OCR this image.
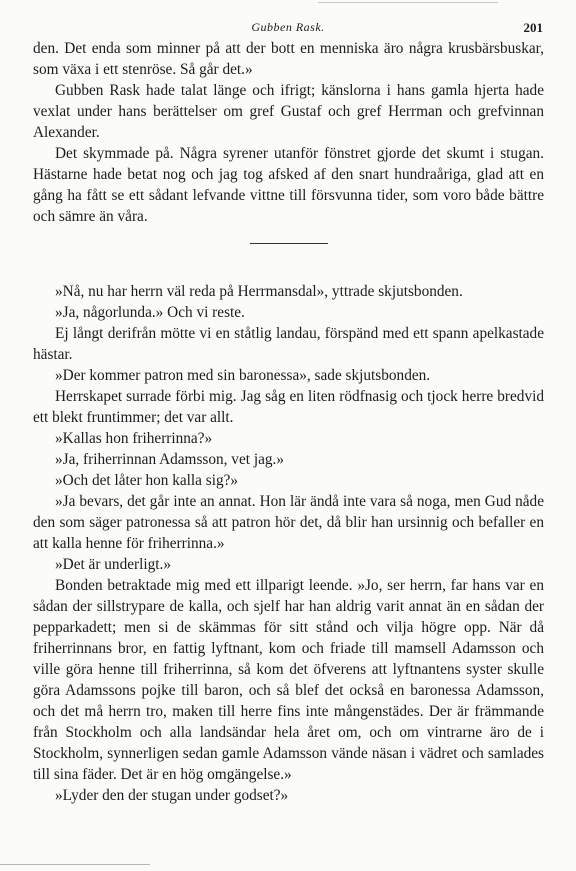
Gubben Rask.	201

den. Det enda som minner på att der bott en menniska äro några krusbärsbuskar, som växa i ett stenröse. Så går det.»

Gubben Rask hade talat länge och ifrigt; känslorna i hans gamla hjerta hade vexlat under hans berättelser om gref Gustaf och gref Herrman och grefvinnan Alexander.

Det skymmade på. Några syrener utanför fönstret gjorde det skumt i stugan. Hästarne hade betat nog och jag tog afsked af den snart hundraåriga, glad att en gång ha fått se ett sådant lefvande vittne till försvunna tider, som voro både bättre och sämre än våra.

»Nå, nu har herrn väl reda på Herrmansdal», yttrade skjutsbonden.

»Ja, någorlunda.» Och vi reste.

Ej långt derifrån mötte vi en ståtlig landau, förspänd med ett spann apelkastade hästar.

»Der kommer patron med sin baronessa», sade skjutsbonden.

Herrskapet surrade förbi mig. Jag såg en liten rödfnasig och tjock herre bredvid ett blekt fruntimmer; det var allt.

»Kallas hon friherrinna?»

»Ja, friherrinnan Adamsson, vet jag.»

»Och det låter hon kalla sig?»

»Ja bevars, det går inte an annat. Hon lär ändå inte vara så noga, men Gud nåde den som säger patronessa så att patron hör det, då blir han ursinnig och befaller en att kalla henne för friherrinna.»

»Det är underligt.»

Bonden betraktade mig med ett illparigt leende. »Jo, ser herrn, far hans var en sådan der sillstrypare de kalla, och sjelf har han aldrig varit annat än en sådan der pepparkadett; men si de skämmas för sitt stånd och vilja högre opp. När då friherrinnans bror, en fattig lyftnant, kom och friade till mamsell Adamsson och ville göra henne till friherrinna, så kom det öfverens att lyftnantens syster skulle göra Adamssons pojke till baron, och så blef det också en baronessa Adamsson, och det må herrn tro, maken till herre fins inte mångenstädes. Der är främmande från Stockholm och alla landsändar hela året om, och om vintrarne äro de i Stockholm, synnerligen sedan gamle Adamsson vände näsan i vädret och samlades till sina fäder. Det är en hög omgängelse.»

»Lyder den der stugan under godset?»
